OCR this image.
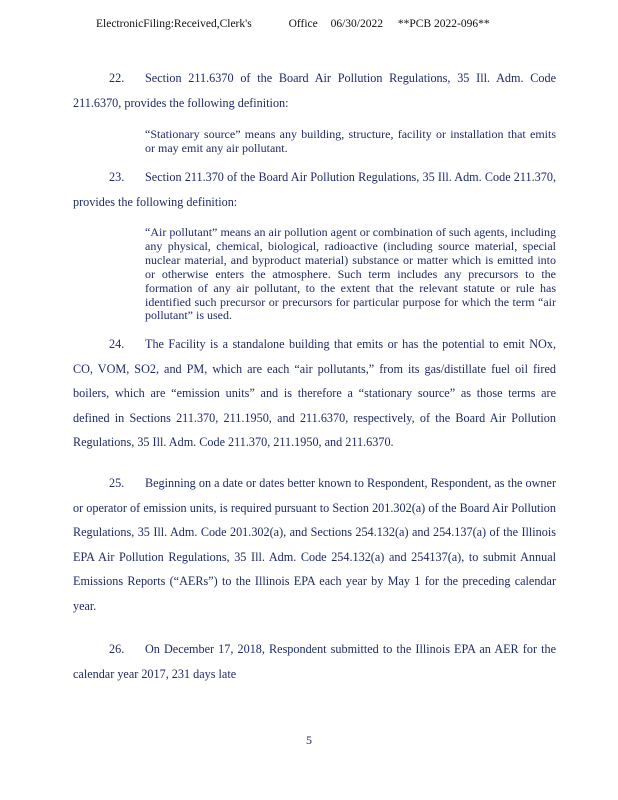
ElectronicFiling:Received,Clerk's	Office 06/30/2022 **PCB 2022-096**
22. Section 211.6370 of the Board Air Pollution Regulations, 35 Ill. Adm. Code 211.6370, provides the following definition:
“Stationary source” means any building, structure, facility or installation that emits or may emit any air pollutant.
23. Section 211.370 of the Board Air Pollution Regulations, 35 Ill. Adm. Code 211.370, provides the following definition:
“Air pollutant” means an air pollution agent or combination of such agents, including any physical, chemical, biological, radioactive (including source material, special nuclear material, and byproduct material) substance or matter which is emitted into or otherwise enters the atmosphere. Such term includes any precursors to the formation of any air pollutant, to the extent that the relevant statute or rule has identified such precursor or precursors for particular purpose for which the term “air pollutant” is used.
24. The Facility is a standalone building that emits or has the potential to emit NOx, CO, VOM, SO2, and PM, which are each “air pollutants,” from its gas/distillate fuel oil fired boilers, which are “emission units” and is therefore a “stationary source” as those terms are defined in Sections 211.370, 211.1950, and 211.6370, respectively, of the Board Air Pollution Regulations, 35 Ill. Adm. Code 211.370, 211.1950, and 211.6370.
25. Beginning on a date or dates better known to Respondent, Respondent, as the owner or operator of emission units, is required pursuant to Section 201.302(a) of the Board Air Pollution Regulations, 35 Ill. Adm. Code 201.302(a), and Sections 254.132(a) and 254.137(a) of the Illinois EPA Air Pollution Regulations, 35 Ill. Adm. Code 254.132(a) and 254137(a), to submit Annual Emissions Reports (“AERs”) to the Illinois EPA each year by May 1 for the preceding calendar year.
26. On December 17, 2018, Respondent submitted to the Illinois EPA an AER for the calendar year 2017, 231 days late
5
